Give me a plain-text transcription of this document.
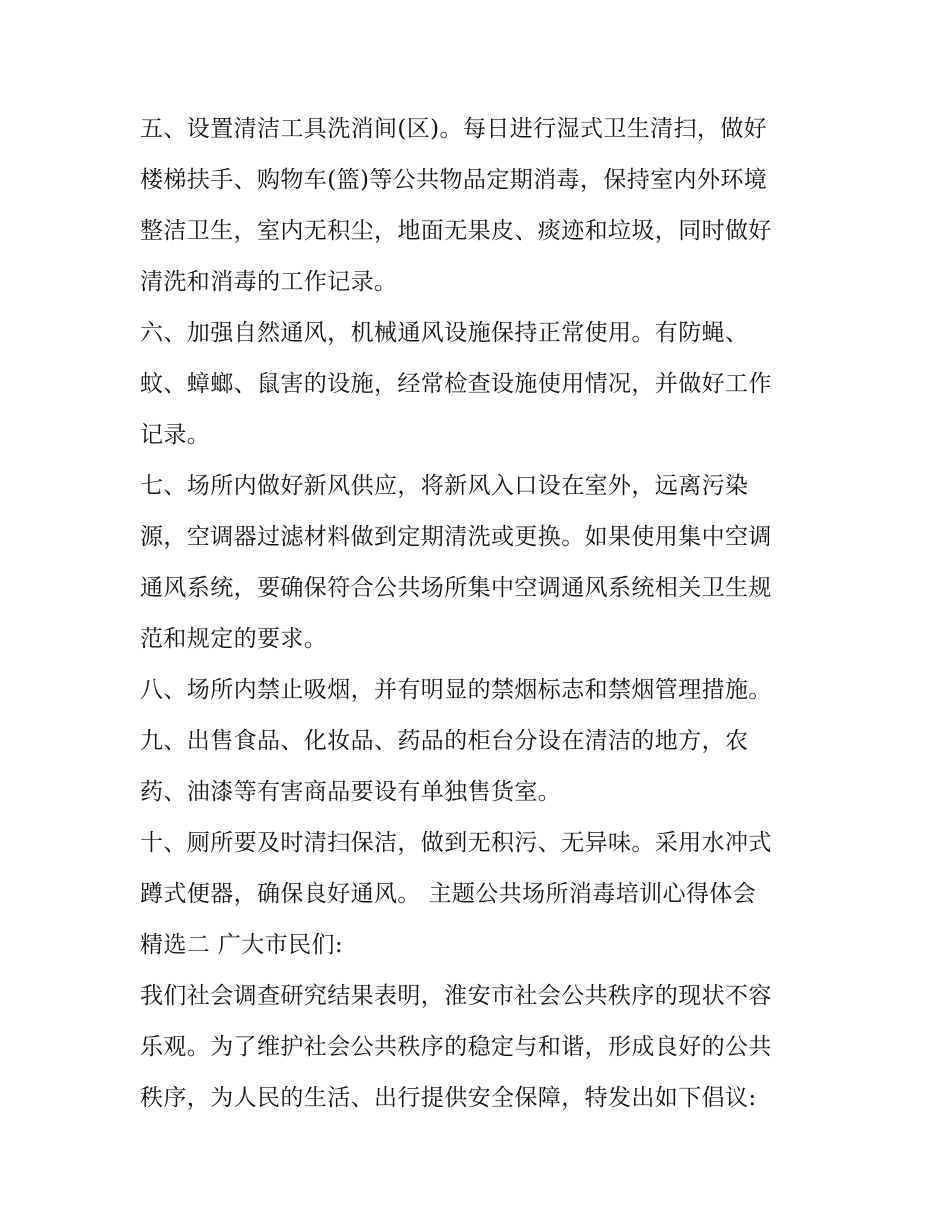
五、设置清洁工具洗消间(区)。每日进行湿式卫生清扫，做好
楼梯扶手、购物车(篮)等公共物品定期消毒，保持室内外环境
整洁卫生，室内无积尘，地面无果皮、痰迹和垃圾，同时做好
清洗和消毒的工作记录。
六、加强自然通风，机械通风设施保持正常使用。有防蝇、
蚊、蟑螂、鼠害的设施，经常检查设施使用情况，并做好工作
记录。
七、场所内做好新风供应，将新风入口设在室外，远离污染
源，空调器过滤材料做到定期清洗或更换。如果使用集中空调
通风系统，要确保符合公共场所集中空调通风系统相关卫生规
范和规定的要求。
八、场所内禁止吸烟，并有明显的禁烟标志和禁烟管理措施。
九、出售食品、化妆品、药品的柜台分设在清洁的地方，农
药、油漆等有害商品要设有单独售货室。
十、厕所要及时清扫保洁，做到无积污、无异味。采用水冲式
蹲式便器，确保良好通风。 主题公共场所消毒培训心得体会
精选二 广大市民们:
我们社会调查研究结果表明，淮安市社会公共秩序的现状不容
乐观。为了维护社会公共秩序的稳定与和谐，形成良好的公共
秩序，为人民的生活、出行提供安全保障，特发出如下倡议:
